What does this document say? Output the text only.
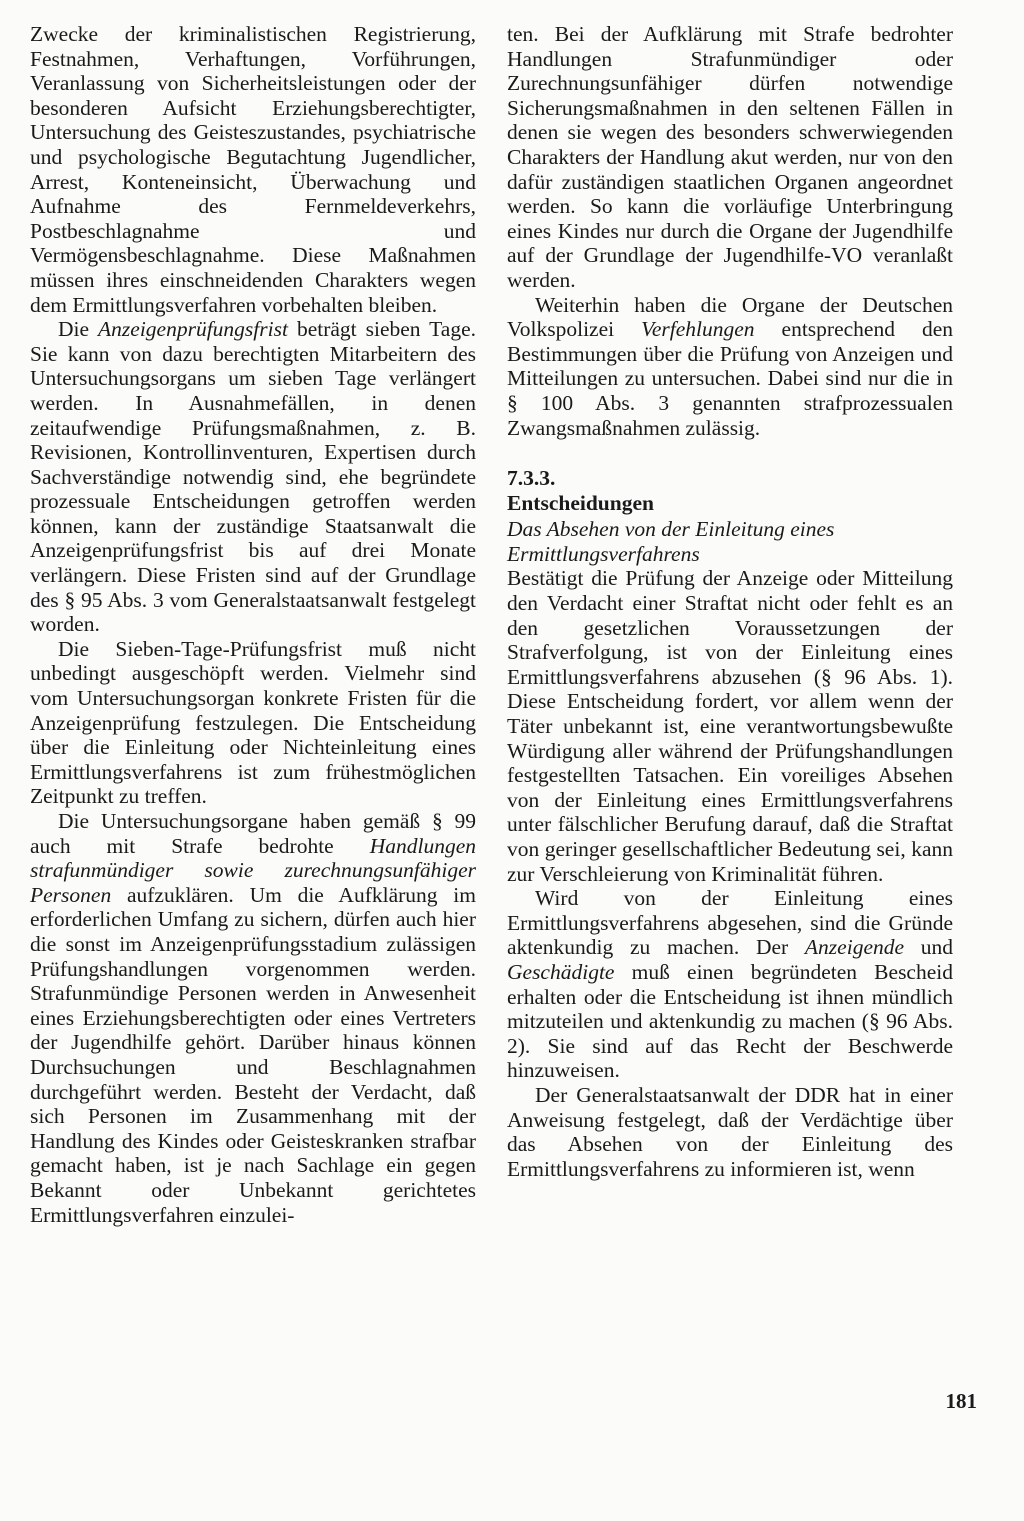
Zwecke der kriminalistischen Registrierung, Festnahmen, Verhaftungen, Vorführungen, Veranlassung von Sicherheitsleistungen oder der besonderen Aufsicht Erziehungsberechtigter, Untersuchung des Geisteszustandes, psychiatrische und psychologische Begutachtung Jugendlicher, Arrest, Konteneinsicht, Überwachung und Aufnahme des Fernmeldeverkehrs, Postbeschlagnahme und Vermögensbeschlagnahme. Diese Maßnahmen müssen ihres einschneidenden Charakters wegen dem Ermittlungsverfahren vorbehalten bleiben.

Die Anzeigenprüfungsfrist beträgt sieben Tage. Sie kann von dazu berechtigten Mitarbeitern des Untersuchungsorgans um sieben Tage verlängert werden. In Ausnahmefällen, in denen zeitaufwendige Prüfungsmaßnahmen, z. B. Revisionen, Kontrollinventuren, Expertisen durch Sachverständige notwendig sind, ehe begründete prozessuale Entscheidungen getroffen werden können, kann der zuständige Staatsanwalt die Anzeigenprüfungsfrist bis auf drei Monate verlängern. Diese Fristen sind auf der Grundlage des § 95 Abs. 3 vom Generalstaatsanwalt festgelegt worden.

Die Sieben-Tage-Prüfungsfrist muß nicht unbedingt ausgeschöpft werden. Vielmehr sind vom Untersuchungsorgan konkrete Fristen für die Anzeigenprüfung festzulegen. Die Entscheidung über die Einleitung oder Nichteinleitung eines Ermittlungsverfahrens ist zum frühestmöglichen Zeitpunkt zu treffen.

Die Untersuchungsorgane haben gemäß § 99 auch mit Strafe bedrohte Handlungen strafunmündiger sowie zurechnungsunfähiger Personen aufzuklären. Um die Aufklärung im erforderlichen Umfang zu sichern, dürfen auch hier die sonst im Anzeigenprüfungsstadium zulässigen Prüfungshandlungen vorgenommen werden. Strafunmündige Personen werden in Anwesenheit eines Erziehungsberechtigten oder eines Vertreters der Jugendhilfe gehört. Darüber hinaus können Durchsuchungen und Beschlagnahmen durchgeführt werden. Besteht der Verdacht, daß sich Personen im Zusammenhang mit der Handlung des Kindes oder Geisteskranken strafbar gemacht haben, ist je nach Sachlage ein gegen Bekannt oder Unbekannt gerichtetes Ermittlungsverfahren einzulei-

ten. Bei der Aufklärung mit Strafe bedrohter Handlungen Strafunmündiger oder Zurechnungsunfähiger dürfen notwendige Sicherungsmaßnahmen in den seltenen Fällen in denen sie wegen des besonders schwerwiegenden Charakters der Handlung akut werden, nur von den dafür zuständigen staatlichen Organen angeordnet werden. So kann die vorläufige Unterbringung eines Kindes nur durch die Organe der Jugendhilfe auf der Grundlage der Jugendhilfe-VO veranlaßt werden.

Weiterhin haben die Organe der Deutschen Volkspolizei Verfehlungen entsprechend den Bestimmungen über die Prüfung von Anzeigen und Mitteilungen zu untersuchen. Dabei sind nur die in § 100 Abs. 3 genannten strafprozessualen Zwangsmaßnahmen zulässig.

7.3.3.
Entscheidungen
Das Absehen von der Einleitung eines Ermittlungsverfahrens

Bestätigt die Prüfung der Anzeige oder Mitteilung den Verdacht einer Straftat nicht oder fehlt es an den gesetzlichen Voraussetzungen der Strafverfolgung, ist von der Einleitung eines Ermittlungsverfahrens abzusehen (§ 96 Abs. 1). Diese Entscheidung fordert, vor allem wenn der Täter unbekannt ist, eine verantwortungsbewußte Würdigung aller während der Prüfungshandlungen festgestellten Tatsachen. Ein voreiliges Absehen von der Einleitung eines Ermittlungsverfahrens unter fälschlicher Berufung darauf, daß die Straftat von geringer gesellschaftlicher Bedeutung sei, kann zur Verschleierung von Kriminalität führen.

Wird von der Einleitung eines Ermittlungsverfahrens abgesehen, sind die Gründe aktenkundig zu machen. Der Anzeigende und Geschädigte muß einen begründeten Bescheid erhalten oder die Entscheidung ist ihnen mündlich mitzuteilen und aktenkundig zu machen (§ 96 Abs. 2). Sie sind auf das Recht der Beschwerde hinzuweisen.

Der Generalstaatsanwalt der DDR hat in einer Anweisung festgelegt, daß der Verdächtige über das Absehen von der Einleitung des Ermittlungsverfahrens zu informieren ist, wenn

181
